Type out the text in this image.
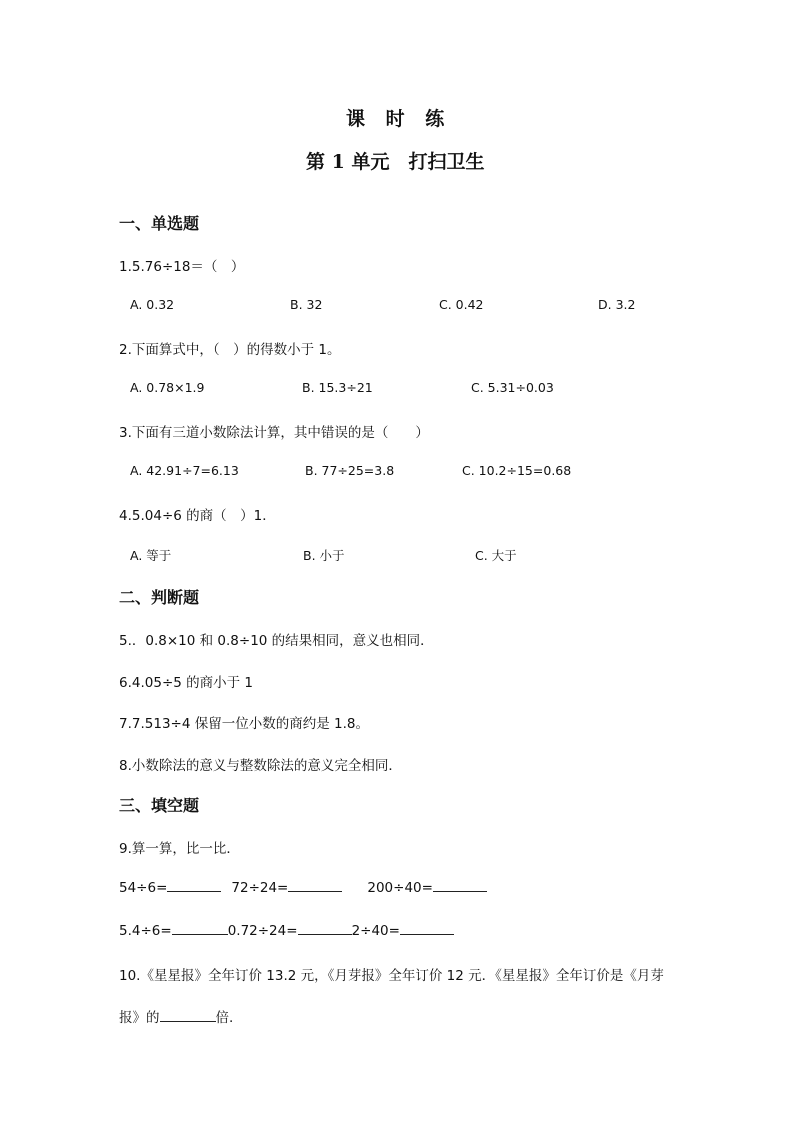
课 时 练
第 1 单元　打扫卫生
一、单选题
1.5.76÷18＝（　）
A. 0.32	B. 32	C. 0.42	D. 3.2
2.下面算式中，（　）的得数小于 1。
A. 0.78×1.9	B. 15.3÷21	C. 5.31÷0.03
3.下面有三道小数除法计算，其中错误的是（　　）
A. 42.91÷7=6.13	B. 77÷25=3.8	C. 10.2÷15=0.68
4.5.04÷6 的商（　）1．
A. 等于	B. 小于	C. 大于
二、判断题
5.．0.8×10 和 0.8÷10 的结果相同，意义也相同．
6.4.05÷5 的商小于 1
7.7.513÷4 保留一位小数的商约是 1.8。
8.小数除法的意义与整数除法的意义完全相同．
三、填空题
9.算一算，比一比．
54÷6=	72÷24=	200÷40=
5.4÷6=	0.72÷24=	2÷40=
10.《星星报》全年订价 13.2 元，《月芽报》全年订价 12 元．《星星报》全年订价是《月芽
报》的	倍.
